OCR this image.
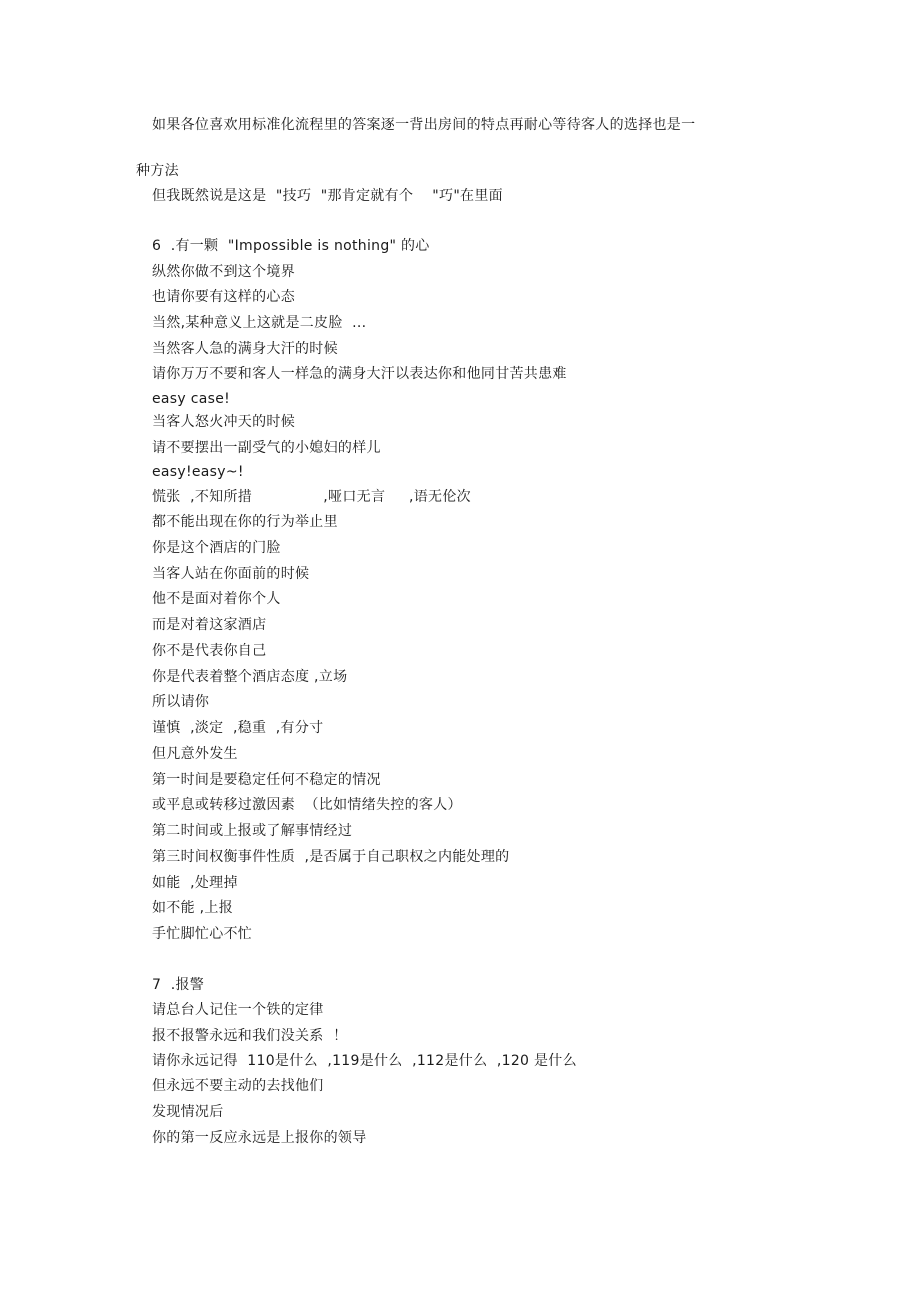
如果各位喜欢用标准化流程里的答案逐一背出房间的特点再耐心等待客人的选择也是一
种方法
但我既然说是这是  "技巧  "那肯定就有个    "巧"在里面
6  .有一颗  "Impossible is nothing" 的心
纵然你做不到这个境界
也请你要有这样的心态
当然,某种意义上这就是二皮脸  ...
当然客人急的满身大汗的时候
请你万万不要和客人一样急的满身大汗以表达你和他同甘苦共患难
easy case!
当客人怒火冲天的时候
请不要摆出一副受气的小媳妇的样儿
easy!easy~!
慌张  ,不知所措               ,哑口无言     ,语无伦次
都不能出现在你的行为举止里
你是这个酒店的门脸
当客人站在你面前的时候
他不是面对着你个人
而是对着这家酒店
你不是代表你自己
你是代表着整个酒店态度 ,立场
所以请你
谨慎  ,淡定  ,稳重  ,有分寸
但凡意外发生
第一时间是要稳定任何不稳定的情况
或平息或转移过激因素  （比如情绪失控的客人）
第二时间或上报或了解事情经过
第三时间权衡事件性质  ,是否属于自己职权之内能处理的
如能  ,处理掉
如不能 ,上报
手忙脚忙心不忙
7  .报警
请总台人记住一个铁的定律
报不报警永远和我们没关系  ！
请你永远记得  110是什么  ,119是什么  ,112是什么  ,120 是什么
但永远不要主动的去找他们
发现情况后
你的第一反应永远是上报你的领导
